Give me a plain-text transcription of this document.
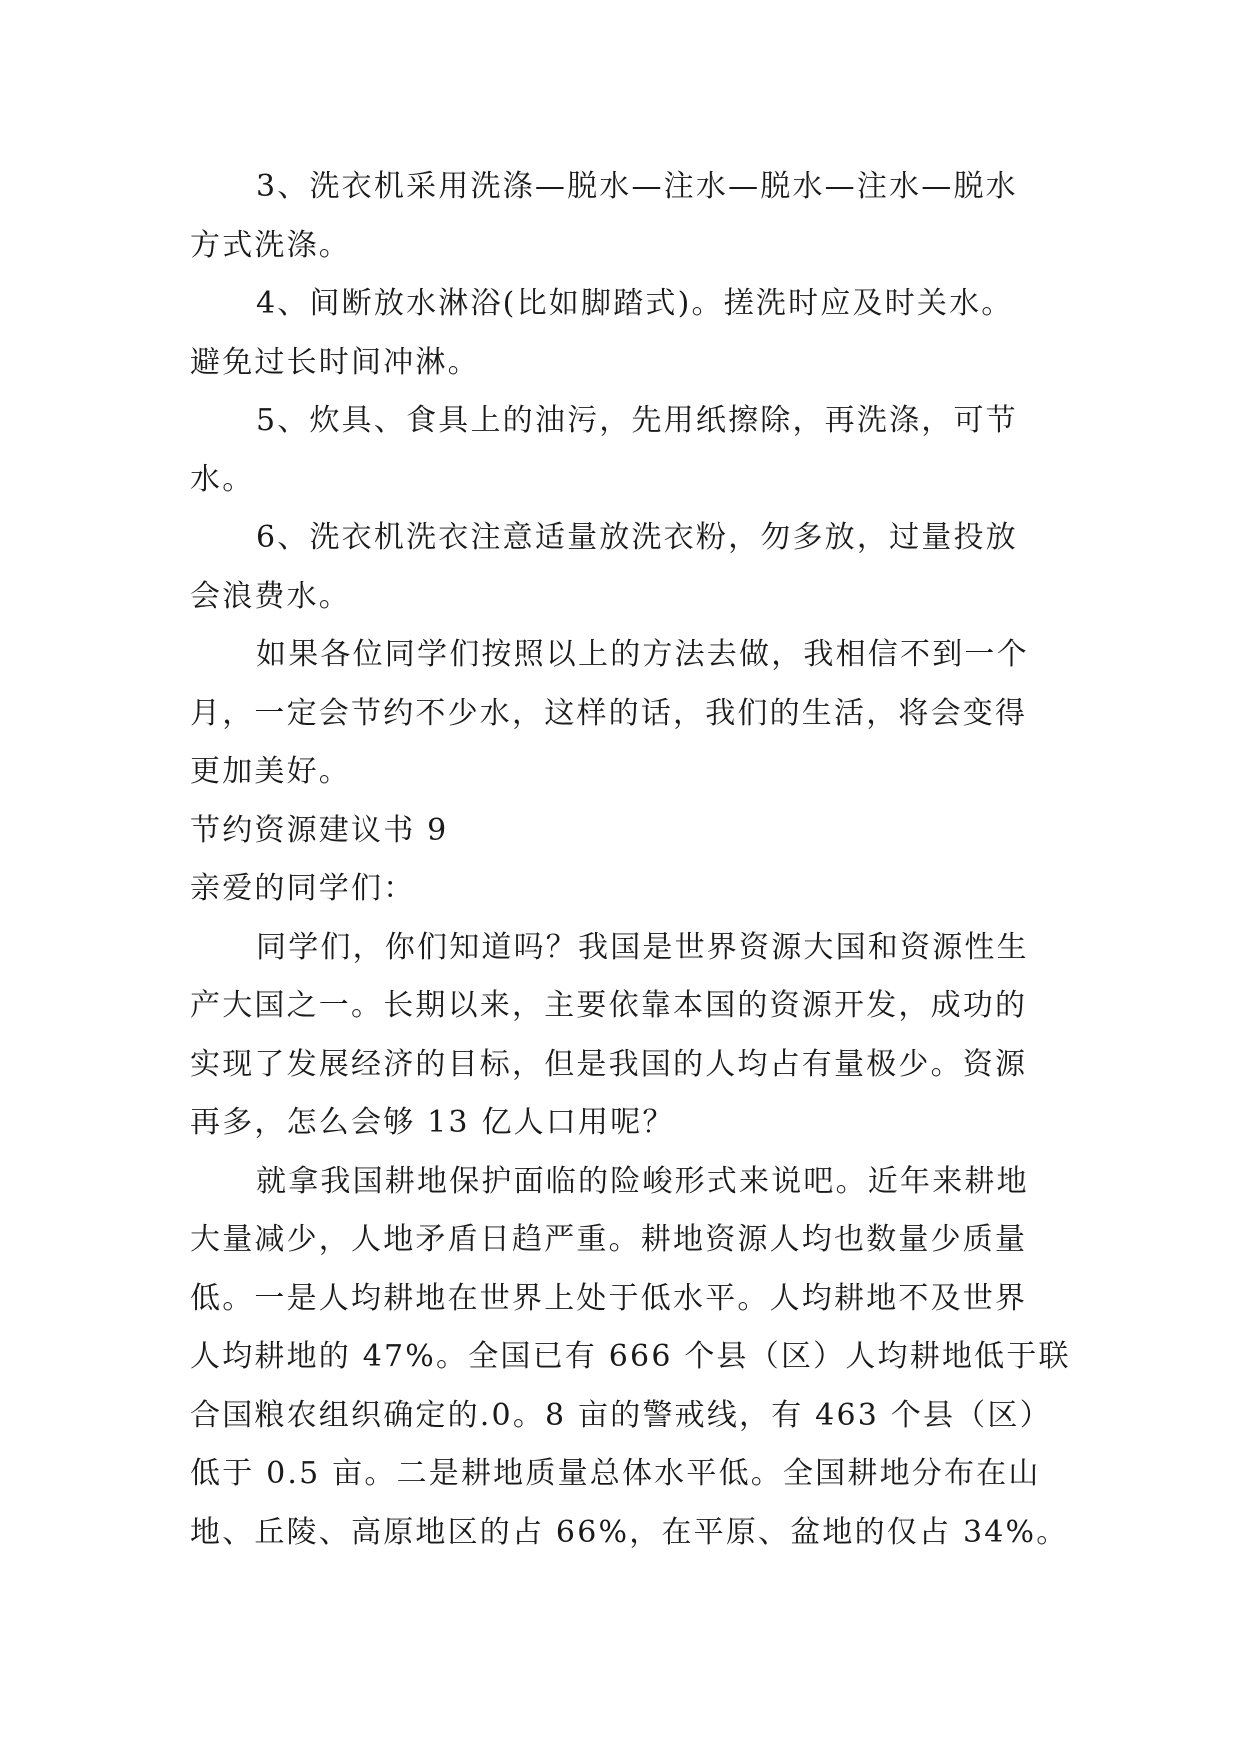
3、洗衣机采用洗涤—脱水—注水—脱水—注水—脱水
方式洗涤。
4、间断放水淋浴(比如脚踏式)。搓洗时应及时关水。
避免过长时间冲淋。
5、炊具、食具上的油污，先用纸擦除，再洗涤，可节
水。
6、洗衣机洗衣注意适量放洗衣粉，勿多放，过量投放
会浪费水。
如果各位同学们按照以上的方法去做，我相信不到一个
月，一定会节约不少水，这样的话，我们的生活，将会变得
更加美好。
节约资源建议书 9
亲爱的同学们：
同学们，你们知道吗？我国是世界资源大国和资源性生
产大国之一。长期以来，主要依靠本国的资源开发，成功的
实现了发展经济的目标，但是我国的人均占有量极少。资源
再多，怎么会够 13 亿人口用呢？
就拿我国耕地保护面临的险峻形式来说吧。近年来耕地
大量减少，人地矛盾日趋严重。耕地资源人均也数量少质量
低。一是人均耕地在世界上处于低水平。人均耕地不及世界
人均耕地的 47%。全国已有 666 个县（区）人均耕地低于联
合国粮农组织确定的.0。8 亩的警戒线，有 463 个县（区）
低于 0.5 亩。二是耕地质量总体水平低。全国耕地分布在山
地、丘陵、高原地区的占 66%，在平原、盆地的仅占 34%。
